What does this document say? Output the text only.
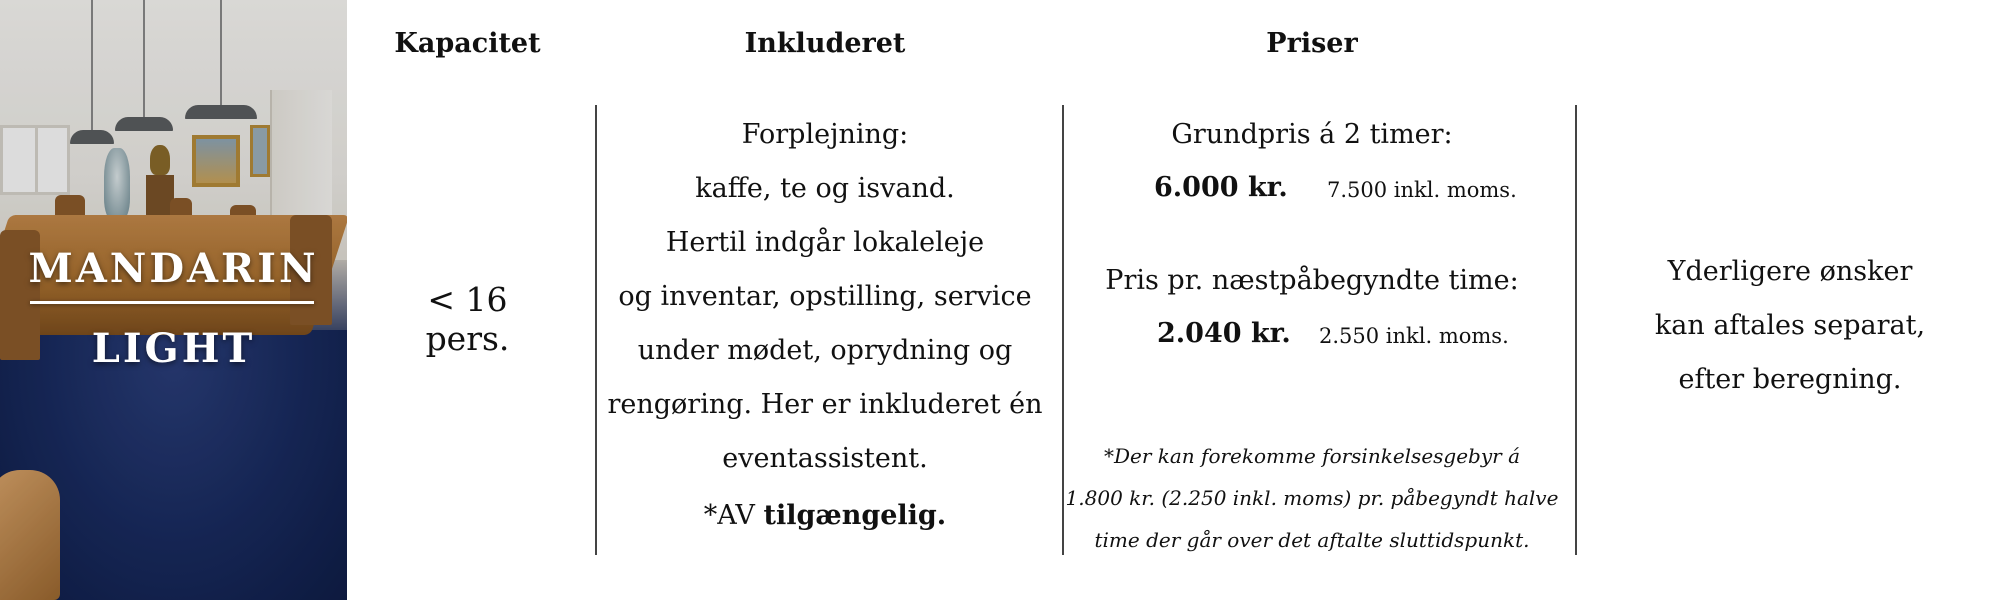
MANDARIN
LIGHT
Kapacitet	Inkluderet	Priser
< 16 pers.
Forplejning:
kaffe, te og isvand.
Hertil indgår lokaleleje
og inventar, opstilling, service
under mødet, oprydning og
rengøring. Her er inkluderet én
eventassistent.
*AV tilgængelig.
Grundpris á 2 timer:
6.000 kr. 7.500 inkl. moms.
Pris pr. næstpåbegyndte time:
2.040 kr. 2.550 inkl. moms.
*Der kan forekomme forsinkelsesgebyr á
1.800 kr. (2.250 inkl. moms) pr. påbegyndt halve
time der går over det aftalte sluttidspunkt.
Yderligere ønsker
kan aftales separat,
efter beregning.
